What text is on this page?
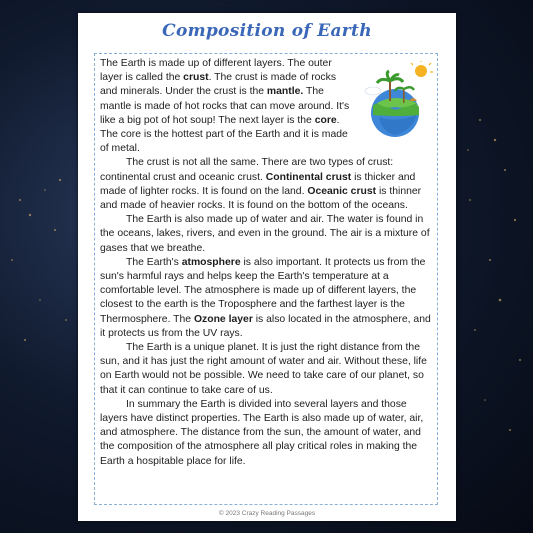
Composition of Earth

The Earth is made up of different layers. The outer layer is called the crust. The crust is made of rocks and minerals. Under the crust is the mantle. The mantle is made of hot rocks that can move around. It's like a big pot of hot soup! The next layer is the core. The core is the hottest part of the Earth and it is made of metal.

The crust is not all the same. There are two types of crust: continental crust and oceanic crust. Continental crust is thicker and made of lighter rocks. It is found on the land. Oceanic crust is thinner and made of heavier rocks. It is found on the bottom of the oceans.

The Earth is also made up of water and air. The water is found in the oceans, lakes, rivers, and even in the ground. The air is a mixture of gases that we breathe.

The Earth's atmosphere is also important. It protects us from the sun's harmful rays and helps keep the Earth's temperature at a comfortable level. The atmosphere is made up of different layers, the closest to the earth is the Troposphere and the farthest layer is the Thermosphere. The Ozone layer is also located in the atmosphere, and it protects us from the UV rays.

The Earth is a unique planet. It is just the right distance from the sun, and it has just the right amount of water and air. Without these, life on Earth would not be possible. We need to take care of our planet, so that it can continue to take care of us.

In summary the Earth is divided into several layers and those layers have distinct properties. The Earth is also made up of water, air, and atmosphere. The distance from the sun, the amount of water, and the composition of the atmosphere all play critical roles in making the Earth a hospitable place for life.

© 2023 Crazy Reading Passages
